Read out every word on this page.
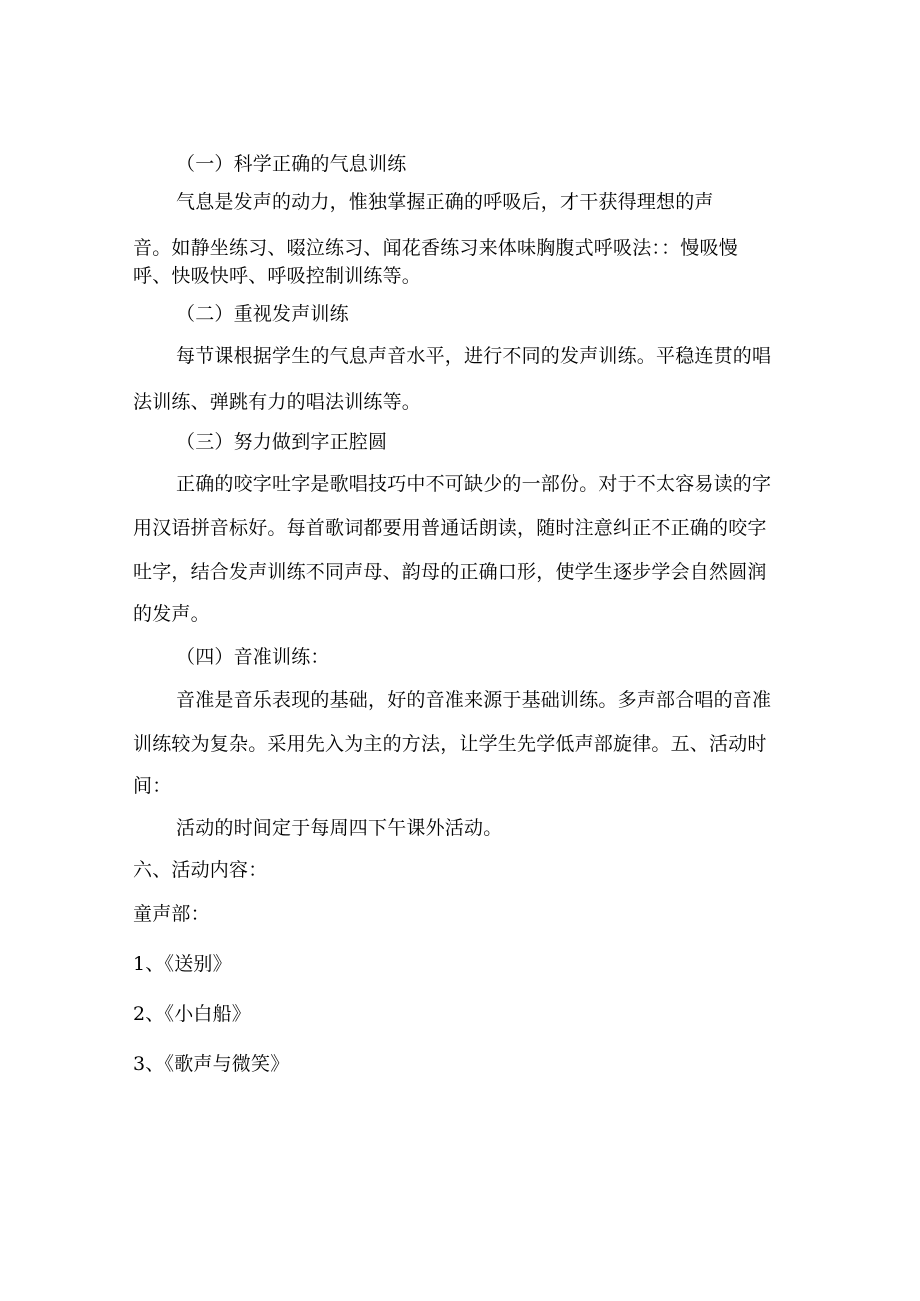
（一）科学正确的气息训练
气息是发声的动力，惟独掌握正确的呼吸后，才干获得理想的声
音。如静坐练习、啜泣练习、闻花香练习来体味胸腹式呼吸法：：慢吸慢
呼、快吸快呼、呼吸控制训练等。
（二）重视发声训练
每节课根据学生的气息声音水平，进行不同的发声训练。平稳连贯的唱
法训练、弹跳有力的唱法训练等。
（三）努力做到字正腔圆
正确的咬字吐字是歌唱技巧中不可缺少的一部份。对于不太容易读的字
用汉语拼音标好。每首歌词都要用普通话朗读，随时注意纠正不正确的咬字
吐字，结合发声训练不同声母、韵母的正确口形，使学生逐步学会自然圆润
的发声。
（四）音准训练：
音准是音乐表现的基础，好的音准来源于基础训练。多声部合唱的音准
训练较为复杂。采用先入为主的方法，让学生先学低声部旋律。五、活动时
间：
活动的时间定于每周四下午课外活动。
六、活动内容：
童声部：
1、《送别》
2、《小白船》
3、《歌声与微笑》
